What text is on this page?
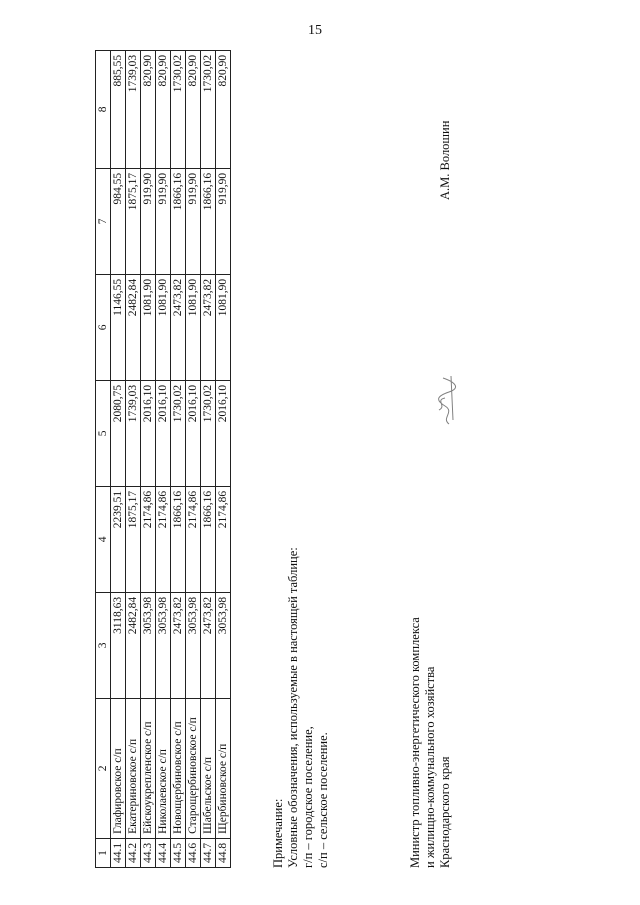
15
1	2	3	4	5	6	7	8
44.1	Глафировское с/п	3118,63	2239,51	2080,75	1146,55	984,55	885,55
44.2	Екатериновское с/п	2482,84	1875,17	1739,03	2482,84	1875,17	1739,03
44.3	Ейскоукрепленское с/п	3053,98	2174,86	2016,10	1081,90	919,90	820,90
44.4	Николаевское с/п	3053,98	2174,86	2016,10	1081,90	919,90	820,90
44.5	Новощербиновское с/п	2473,82	1866,16	1730,02	2473,82	1866,16	1730,02
44.6	Старощербиновское с/п	3053,98	2174,86	2016,10	1081,90	919,90	820,90
44.7	Шабельское с/п	2473,82	1866,16	1730,02	2473,82	1866,16	1730,02
44.8	Щербиновское с/п	3053,98	2174,86	2016,10	1081,90	919,90	820,90
Примечание: Условные обозначения, используемые в настоящей таблице: г/п – городское поселение, с/п – сельское поселение.	Министр топливно-энергетического комплекса и жилищно-коммунального хозяйства Краснодарского края
А.М. Волошин
